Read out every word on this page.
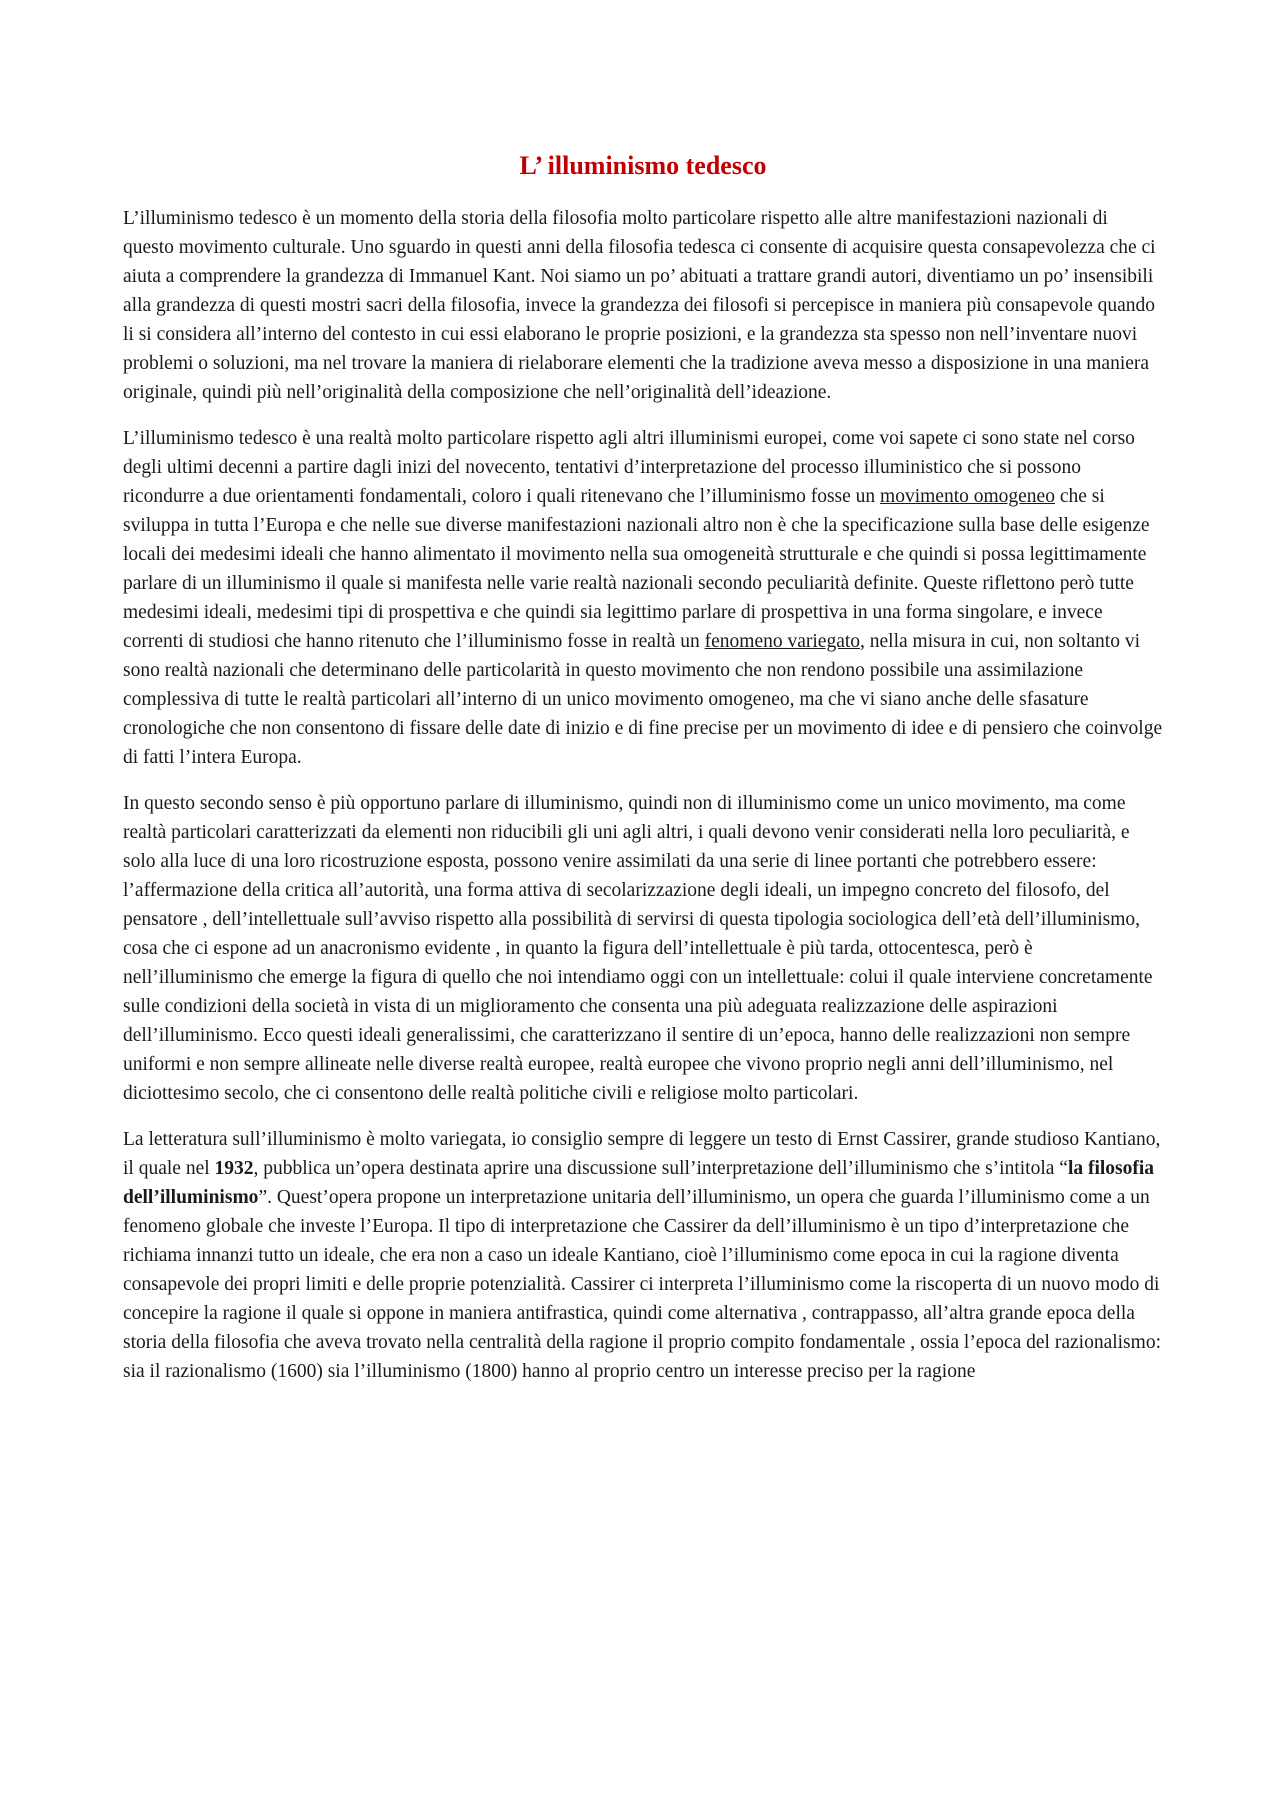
L’ illuminismo tedesco

L’illuminismo tedesco è un momento della storia della filosofia molto particolare rispetto alle altre manifestazioni nazionali di questo movimento culturale. Uno sguardo in questi anni della filosofia tedesca ci consente di acquisire questa consapevolezza che ci aiuta a comprendere la grandezza di Immanuel Kant. Noi siamo un po’ abituati a trattare grandi autori, diventiamo un po’ insensibili alla grandezza di questi mostri sacri della filosofia, invece la grandezza dei filosofi si percepisce in maniera più consapevole quando li si considera all’interno del contesto in cui essi elaborano le proprie posizioni, e la grandezza sta spesso non nell’inventare nuovi problemi o soluzioni, ma nel trovare la maniera di rielaborare elementi che la tradizione aveva messo a disposizione in una maniera originale, quindi più nell’originalità della composizione che nell’originalità dell’ideazione.

L’illuminismo tedesco è una realtà molto particolare rispetto agli altri illuminismi europei, come voi sapete ci sono state nel corso degli ultimi decenni a partire dagli inizi del novecento, tentativi d’interpretazione del processo illuministico che si possono ricondurre a due orientamenti fondamentali, coloro i quali ritenevano che l’illuminismo fosse un movimento omogeneo che si sviluppa in tutta l’Europa e che nelle sue diverse manifestazioni nazionali altro non è che la specificazione sulla base delle esigenze locali dei medesimi ideali che hanno alimentato il movimento nella sua omogeneità strutturale e che quindi si possa legittimamente parlare di un illuminismo il quale si manifesta nelle varie realtà nazionali secondo peculiarità definite. Queste riflettono però tutte medesimi ideali, medesimi tipi di prospettiva e che quindi sia legittimo parlare di prospettiva in una forma singolare, e invece correnti di studiosi che hanno ritenuto che l’illuminismo fosse in realtà un fenomeno variegato, nella misura in cui, non soltanto vi sono realtà nazionali che determinano delle particolarità in questo movimento che non rendono possibile una assimilazione complessiva di tutte le realtà particolari all’interno di un unico movimento omogeneo, ma che vi siano anche delle sfasature cronologiche che non consentono di fissare delle date di inizio e di fine precise per un movimento di idee e di pensiero che coinvolge di fatti l’intera Europa.

In questo secondo senso è più opportuno parlare di illuminismo, quindi non di illuminismo come un unico movimento, ma come realtà particolari caratterizzati da elementi non riducibili gli uni agli altri, i quali devono venir considerati nella loro peculiarità, e solo alla luce di una loro ricostruzione esposta, possono venire assimilati da una serie di linee portanti che potrebbero essere: l’affermazione della critica all’autorità, una forma attiva di secolarizzazione degli ideali, un impegno concreto del filosofo, del pensatore , dell’intellettuale sull’avviso rispetto alla possibilità di servirsi di questa tipologia sociologica dell’età dell’illuminismo, cosa che ci espone ad un anacronismo evidente , in quanto la figura dell’intellettuale è più tarda, ottocentesca, però è nell’illuminismo che emerge la figura di quello che noi intendiamo oggi con un intellettuale: colui il quale interviene concretamente sulle condizioni della società in vista di un miglioramento che consenta una più adeguata realizzazione delle aspirazioni dell’illuminismo. Ecco questi ideali generalissimi, che caratterizzano il sentire di un’epoca, hanno delle realizzazioni non sempre uniformi e non sempre allineate nelle diverse realtà europee, realtà europee che vivono proprio negli anni dell’illuminismo, nel diciottesimo secolo, che ci consentono delle realtà politiche civili e religiose molto particolari.

La letteratura sull’illuminismo è molto variegata, io consiglio sempre di leggere un testo di Ernst Cassirer, grande studioso Kantiano, il quale nel 1932, pubblica un’opera destinata aprire una discussione sull’interpretazione dell’illuminismo che s’intitola “la filosofia dell’illuminismo”. Quest’opera propone un interpretazione unitaria dell’illuminismo, un opera che guarda l’illuminismo come a un fenomeno globale che investe l’Europa. Il tipo di interpretazione che Cassirer da dell’illuminismo è un tipo d’interpretazione che richiama innanzi tutto un ideale, che era non a caso un ideale Kantiano, cioè l’illuminismo come epoca in cui la ragione diventa consapevole dei propri limiti e delle proprie potenzialità. Cassirer ci interpreta l’illuminismo come la riscoperta di un nuovo modo di concepire la ragione il quale si oppone in maniera antifrastica, quindi come alternativa , contrappasso, all’altra grande epoca della storia della filosofia che aveva trovato nella centralità della ragione il proprio compito fondamentale , ossia l’epoca del razionalismo: sia il razionalismo (1600) sia l’illuminismo (1800) hanno al proprio centro un interesse preciso per la ragione
